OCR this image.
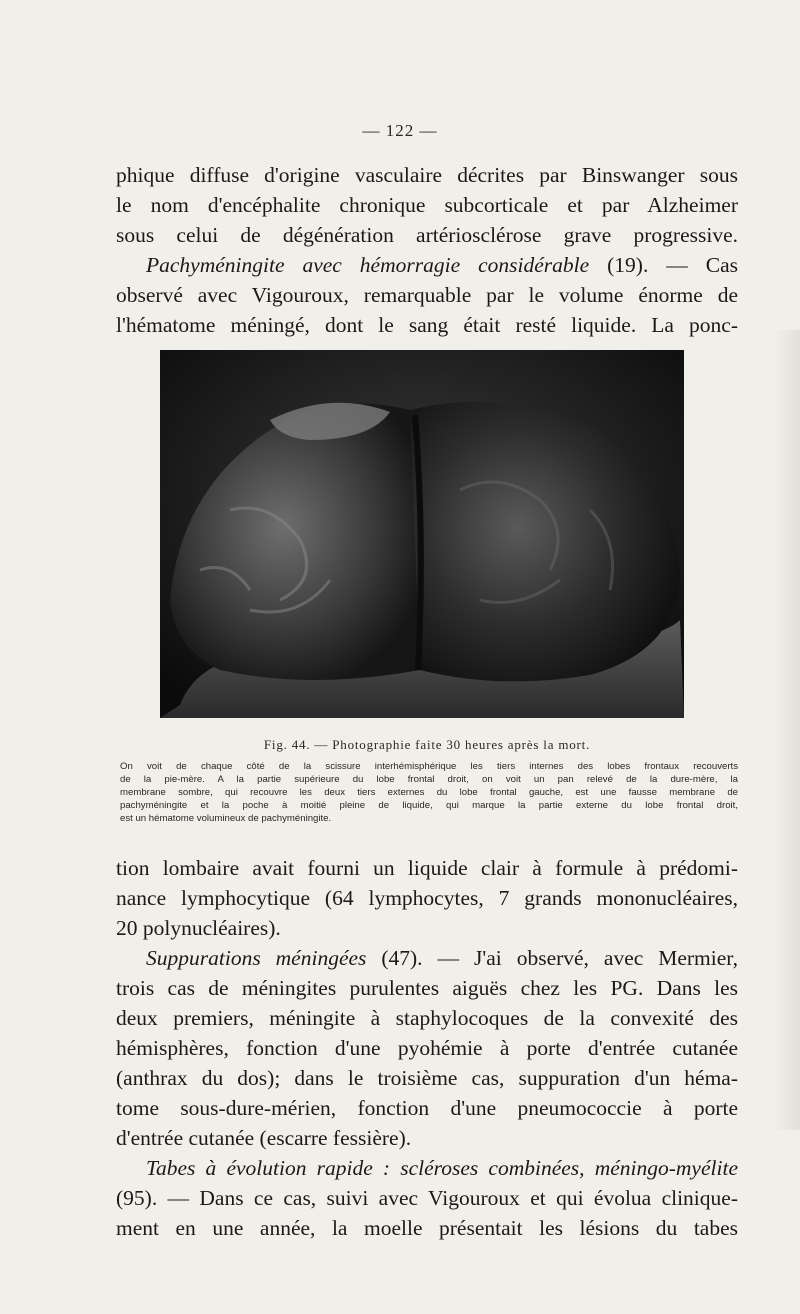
— 122 —
phique diffuse d'origine vasculaire décrites par Binswanger sous
le nom d'encéphalite chronique subcorticale et par Alzheimer
sous celui de dégénération artériosclérose grave progressive.
Pachyméningite avec hémorragie considérable (19). — Cas
observé avec Vigouroux, remarquable par le volume énorme de
l'hématome méningé, dont le sang était resté liquide. La ponc-
Fig. 44. — Photographie faite 30 heures après la mort.
On voit de chaque côté de la scissure interhémisphérique les tiers internes des lobes frontaux recouverts
de la pie-mère. A la partie supérieure du lobe frontal droit, on voit un pan relevé de la dure-mère, la
membrane sombre, qui recouvre les deux tiers externes du lobe frontal gauche, est une fausse membrane de
pachyméningite et la poche à moitié pleine de liquide, qui marque la partie externe du lobe frontal droit,
est un hématome volumineux de pachyméningite.
tion lombaire avait fourni un liquide clair à formule à prédomi-
nance lymphocytique (64 lymphocytes, 7 grands mononucléaires,
20 polynucléaires).
Suppurations méningées (47). — J'ai observé, avec Mermier,
trois cas de méningites purulentes aiguës chez les PG. Dans les
deux premiers, méningite à staphylocoques de la convexité des
hémisphères, fonction d'une pyohémie à porte d'entrée cutanée
(anthrax du dos); dans le troisième cas, suppuration d'un héma-
tome sous-dure-mérien, fonction d'une pneumococcie à porte
d'entrée cutanée (escarre fessière).
Tabes à évolution rapide : scléroses combinées, méningo-myélite
(95). — Dans ce cas, suivi avec Vigouroux et qui évolua clinique-
ment en une année, la moelle présentait les lésions du tabes
